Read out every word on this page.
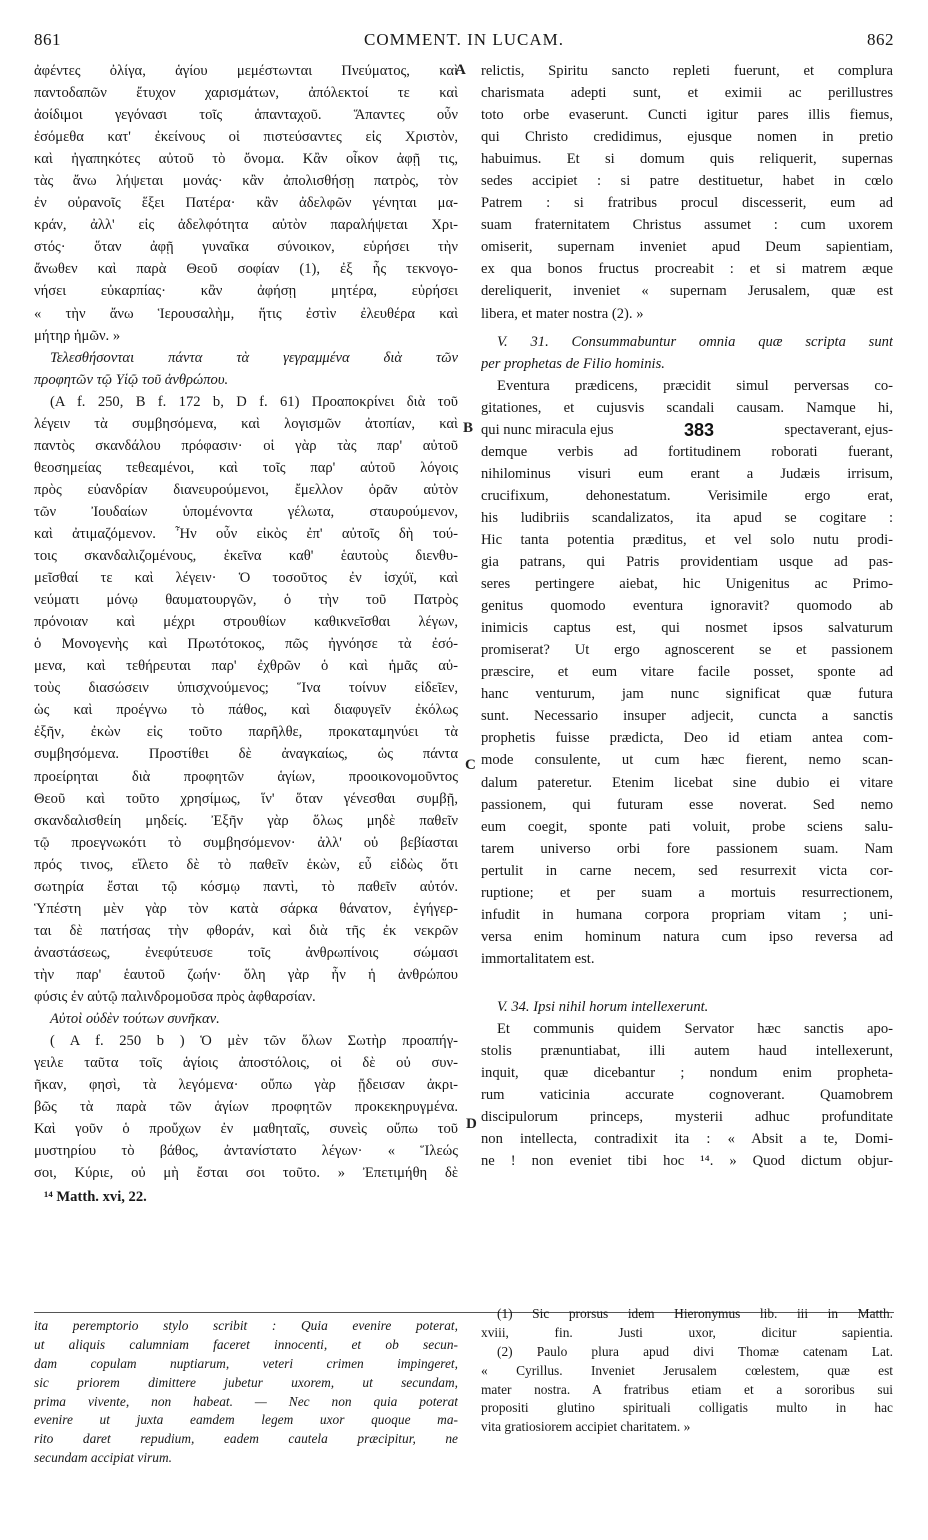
861	COMMENT. IN LUCAM.	862
A
B
C
D
ἀφέντες ὀλίγα, ἁγίου μεμέστωνται Πνεύματος, καὶ
παντοδαπῶν ἔτυχον χαρισμάτων, ἀπόλεκτοί τε καὶ
ἀοίδιμοι γεγόνασι τοῖς ἁπανταχοῦ. Ἅπαντες οὖν
ἐσόμεθα κατ' ἐκείνους οἱ πιστεύσαντες εἰς Χριστὸν,
καὶ ἠγαπηκότες αὐτοῦ τὸ ὄνομα. Κἂν οἶκον ἀφῇ τις,
τὰς ἄνω λήψεται μονάς· κἂν ἀπολισθήσῃ πατρὸς, τὸν
ἐν οὐρανοῖς ἕξει Πατέρα· κἂν ἀδελφῶν γένηται μα-
κράν, ἀλλ' εἰς ἀδελφότητα αὐτὸν παραλήψεται Χρι-
στός· ὅταν ἀφῇ γυναῖκα σύνοικον, εὑρήσει τὴν
ἄνωθεν καὶ παρὰ Θεοῦ σοφίαν (1), ἐξ ἧς τεκνογο-
νήσει εὐκαρπίας· κἂν ἀφήσῃ μητέρα, εὑρήσει
« τὴν ἄνω Ἱερουσαλὴμ, ἥτις ἐστὶν ἐλευθέρα καὶ
μήτηρ ἡμῶν. »
Τελεσθήσονται πάντα τὰ γεγραμμένα διὰ τῶν
προφητῶν τῷ Υἱῷ τοῦ ἀνθρώπου.
(A f. 250, B f. 172 b, D f. 61) Προαποκρίνει διὰ τοῦ
λέγειν τὰ συμβησόμενα, καὶ λογισμῶν ἀτοπίαν, καὶ
παντὸς σκανδάλου πρόφασιν· οἱ γὰρ τὰς παρ' αὐτοῦ
θεοσημείας τεθεαμένοι, καὶ τοῖς παρ' αὐτοῦ λόγοις
πρὸς εὐανδρίαν διανευρούμενοι, ἔμελλον ὁρᾶν αὐτὸν
τῶν Ἰουδαίων ὑπομένοντα γέλωτα, σταυρούμενον,
καὶ ἀτιμαζόμενον. Ἦν οὖν εἰκὸς ἐπ' αὐτοῖς δὴ τού-
τοις σκανδαλιζομένους, ἐκεῖνα καθ' ἑαυτοὺς διενθυ-
μεῖσθαί τε καὶ λέγειν· Ὁ τοσοῦτος ἐν ἰσχύϊ, καὶ
νεύματι μόνῳ θαυματουργῶν, ὁ τὴν τοῦ Πατρὸς
πρόνοιαν καὶ μέχρι στρουθίων καθικνεῖσθαι λέγων,
ὁ Μονογενὴς καὶ Πρωτότοκος, πῶς ἠγνόησε τὰ ἐσό-
μενα, καὶ τεθήρευται παρ' ἐχθρῶν ὁ καὶ ἡμᾶς αὐ-
τοὺς διασώσειν ὑπισχνούμενος; Ἵνα τοίνυν εἰδεῖεν,
ὡς καὶ προέγνω τὸ πάθος, καὶ διαφυγεῖν ἐκόλως
ἐξῆν, ἐκὼν εἰς τοῦτο παρῆλθε, προκαταμηνύει τὰ
συμβησόμενα. Προστίθει δὲ ἀναγκαίως, ὡς πάντα
προείρηται διὰ προφητῶν ἁγίων, προοικονομοῦντος
Θεοῦ καὶ τοῦτο χρησίμως, ἵν' ὅταν γένεσθαι συμβῇ,
σκανδαλισθείη μηδείς. Ἐξῆν γὰρ ὅλως μηδὲ παθεῖν
τῷ προεγνωκότι τὸ συμβησόμενον· ἀλλ' οὐ βεβίασται
πρός τινος, εἴλετο δὲ τὸ παθεῖν ἑκὼν, εὖ εἰδὼς ὅτι
σωτηρία ἔσται τῷ κόσμῳ παντὶ, τὸ παθεῖν αὐτόν.
Ὑπέστη μὲν γὰρ τὸν κατὰ σάρκα θάνατον, ἐγήγερ-
ται δὲ πατήσας τὴν φθοράν, καὶ διὰ τῆς ἐκ νεκρῶν
ἀναστάσεως, ἐνεφύτευσε τοῖς ἀνθρωπίνοις σώμασι
τὴν παρ' ἑαυτοῦ ζωήν· ὅλη γὰρ ἦν ἡ ἀνθρώπου
φύσις ἐν αὐτῷ παλινδρομοῦσα πρὸς ἀφθαρσίαν.
Αὐτοὶ οὐδὲν τούτων συνῆκαν.
( A f. 250 b ) Ὁ μὲν τῶν ὅλων Σωτὴρ προαπήγ-
γειλε ταῦτα τοῖς ἁγίοις ἀποστόλοις, οἱ δὲ οὐ συν-
ῆκαν, φησὶ, τὰ λεγόμενα· οὔπω γὰρ ᾔδεισαν ἀκρι-
βῶς τὰ παρὰ τῶν ἁγίων προφητῶν προκεκηρυγμένα.
Καὶ γοῦν ὁ προὔχων ἐν μαθηταῖς, συνεὶς οὔπω τοῦ
μυστηρίου τὸ βάθος, ἀντανίστατο λέγων· « Ἵλεώς
σοι, Κύριε, οὐ μὴ ἔσται σοι τοῦτο. » Ἐπετιμήθη δὲ
¹⁴ Matth. xvi, 22.
relictis, Spiritu sancto repleti fuerunt, et complura
charismata adepti sunt, et eximii ac perillustres
toto orbe evaserunt. Cuncti igitur pares illis fiemus,
qui Christo credidimus, ejusque nomen in pretio
habuimus. Et si domum quis reliquerit, supernas
sedes accipiet : si patre destituetur, habet in cœlo
Patrem : si fratribus procul discesserit, eum ad
suam fraternitatem Christus assumet : cum uxorem
omiserit, supernam inveniet apud Deum sapientiam,
ex qua bonos fructus procreabit : et si matrem æque
dereliquerit, inveniet « supernam Jerusalem, quæ est
libera, et mater nostra (2). »
V. 31. Consummabuntur omnia quæ scripta sunt
per prophetas de Filio hominis.
Eventura prædicens, præcidit simul perversas co-
gitationes, et cujusvis scandali causam. Namque hi,
qui nunc miracula ejus	383	spectaverant, ejus-
demque verbis ad fortitudinem roborati fuerant,
nihilominus visuri eum erant a Judæis irrisum,
crucifixum, dehonestatum. Verisimile ergo erat,
his ludibriis scandalizatos, ita apud se cogitare :
Hic tanta potentia præditus, et vel solo nutu prodi-
gia patrans, qui Patris providentiam usque ad pas-
seres pertingere aiebat, hic Unigenitus ac Primo-
genitus quomodo eventura ignoravit? quomodo ab
inimicis captus est, qui nosmet ipsos salvaturum
promiserat? Ut ergo agnoscerent se et passionem
præscire, et eum vitare facile posset, sponte ad
hanc venturum, jam nunc significat quæ futura
sunt. Necessario insuper adjecit, cuncta a sanctis
prophetis fuisse prædicta, Deo id etiam antea com-
mode consulente, ut cum hæc fierent, nemo scan-
dalum pateretur. Etenim licebat sine dubio ei vitare
passionem, qui futuram esse noverat. Sed nemo
eum coegit, sponte pati voluit, probe sciens salu-
tarem universo orbi fore passionem suam. Nam
pertulit in carne necem, sed resurrexit victa cor-
ruptione; et per suam a mortuis resurrectionem,
infudit in humana corpora propriam vitam ; uni-
versa enim hominum natura cum ipso reversa ad
immortalitatem est.
V. 34. Ipsi nihil horum intellexerunt.
Et communis quidem Servator hæc sanctis apo-
stolis prænuntiabat, illi autem haud intellexerunt,
inquit, quæ dicebantur ; nondum enim propheta-
rum vaticinia accurate cognoverant. Quamobrem
discipulorum princeps, mysterii adhuc profunditate
non intellecta, contradixit ita : « Absit a te, Domi-
ne ! non eveniet tibi hoc ¹⁴. » Quod dictum objur-
ita peremptorio stylo scribit : Quia evenire poterat,
ut aliquis calumniam faceret innocenti, et ob secun-
dam copulam nuptiarum, veteri crimen impingeret,
sic priorem dimittere jubetur uxorem, ut secundam,
prima vivente, non habeat. — Nec non quia poterat
evenire ut juxta eamdem legem uxor quoque ma-
rito daret repudium, eadem cautela præcipitur, ne
secundam accipiat virum.
(1) Sic prorsus idem Hieronymus lib. iii in Matth.
xviii, fin. Justi uxor, dicitur sapientia.
(2) Paulo plura apud divi Thomæ catenam Lat.
« Cyrillus. Inveniet Jerusalem cœlestem, quæ est
mater nostra. A fratribus etiam et a sororibus sui
propositi glutino spirituali colligatis multo in hac
vita gratiosiorem accipiet charitatem. »
